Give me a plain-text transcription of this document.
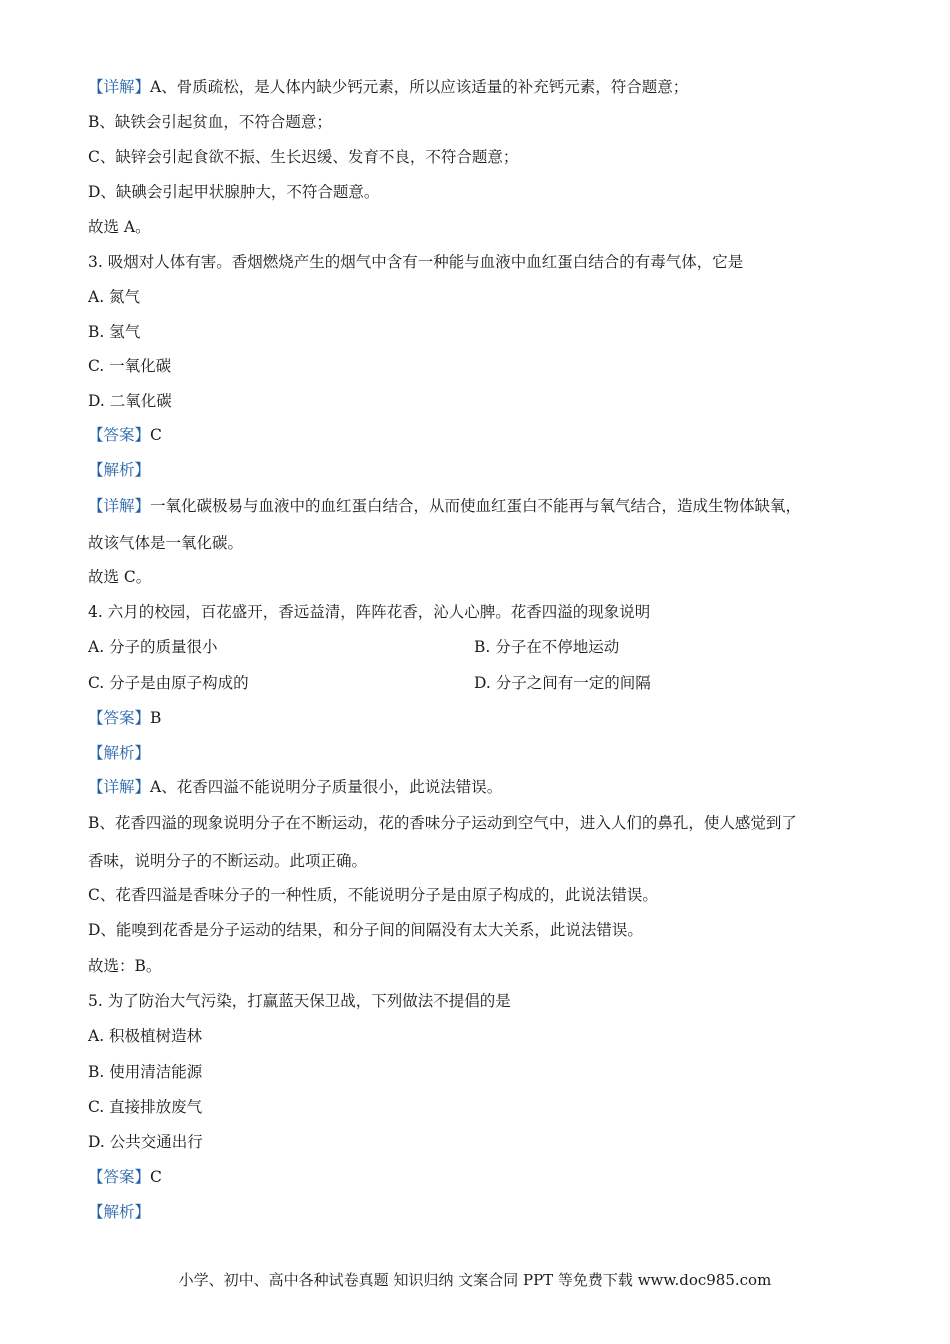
【详解】A、骨质疏松，是人体内缺少钙元素，所以应该适量的补充钙元素，符合题意；
B、缺铁会引起贫血，不符合题意；
C、缺锌会引起食欲不振、生长迟缓、发育不良，不符合题意；
D、缺碘会引起甲状腺肿大，不符合题意。
故选 A。
3. 吸烟对人体有害。香烟燃烧产生的烟气中含有一种能与血液中血红蛋白结合的有毒气体，它是
A. 氮气
B. 氢气
C. 一氧化碳
D. 二氧化碳
【答案】C
【解析】
【详解】一氧化碳极易与血液中的血红蛋白结合，从而使血红蛋白不能再与氧气结合，造成生物体缺氧，
故该气体是一氧化碳。
故选 C。
4. 六月的校园，百花盛开，香远益清，阵阵花香，沁人心脾。花香四溢的现象说明
A. 分子的质量很小	B. 分子在不停地运动
C. 分子是由原子构成的	D. 分子之间有一定的间隔
【答案】B
【解析】
【详解】A、花香四溢不能说明分子质量很小，此说法错误。
B、花香四溢的现象说明分子在不断运动，花的香味分子运动到空气中，进入人们的鼻孔，使人感觉到了
香味，说明分子的不断运动。此项正确。
C、花香四溢是香味分子的一种性质，不能说明分子是由原子构成的，此说法错误。
D、能嗅到花香是分子运动的结果，和分子间的间隔没有太大关系，此说法错误。
故选：B。
5. 为了防治大气污染，打赢蓝天保卫战，下列做法不提倡的是
A. 积极植树造林
B. 使用清洁能源
C. 直接排放废气
D. 公共交通出行
【答案】C
【解析】
小学、初中、高中各种试卷真题 知识归纳 文案合同 PPT 等免费下载 www.doc985.com
